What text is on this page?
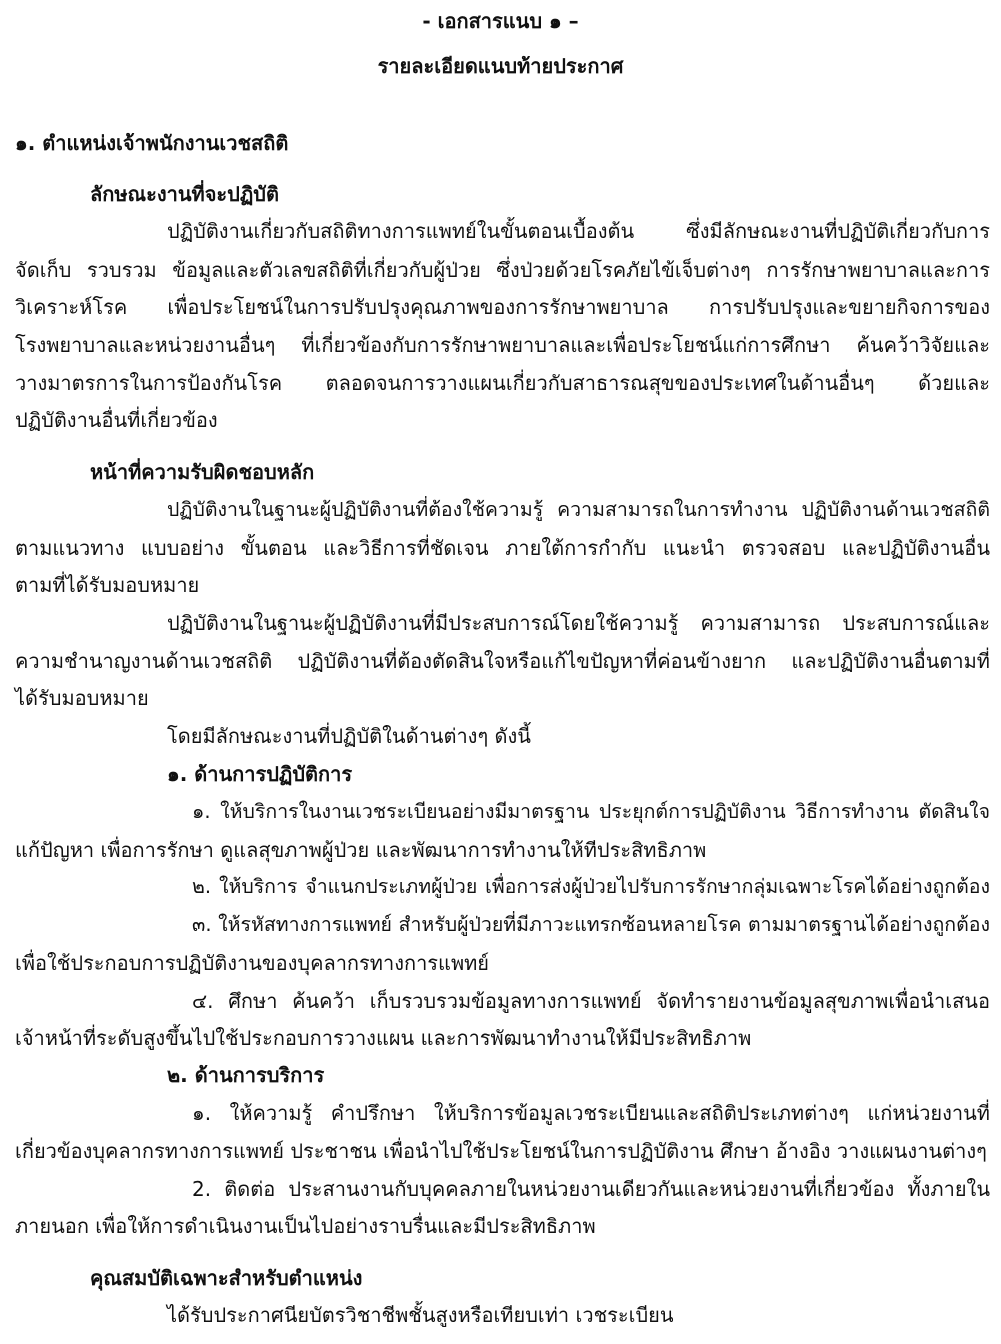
- เอกสารแนบ ๑ –
รายละเอียดแนบท้ายประกาศ
๑. ตำแหน่งเจ้าพนักงานเวชสถิติ
ลักษณะงานที่จะปฏิบัติ
ปฏิบัติงานเกี่ยวกับสถิติทางการแพทย์ในขั้นตอนเบื้องต้น ซึ่งมีลักษณะงานที่ปฏิบัติเกี่ยวกับการ
จัดเก็บ รวบรวม ข้อมูลและตัวเลขสถิติที่เกี่ยวกับผู้ป่วย ซึ่งป่วยด้วยโรคภัยไข้เจ็บต่างๆ การรักษาพยาบาลและการ
วิเคราะห์โรค เพื่อประโยชน์ในการปรับปรุงคุณภาพของการรักษาพยาบาล การปรับปรุงและขยายกิจการของ
โรงพยาบาลและหน่วยงานอื่นๆ ที่เกี่ยวข้องกับการรักษาพยาบาลและเพื่อประโยชน์แก่การศึกษา ค้นคว้าวิจัยและ
วางมาตรการในการป้องกันโรค ตลอดจนการวางแผนเกี่ยวกับสาธารณสุขของประเทศในด้านอื่นๆ ด้วยและ
ปฏิบัติงานอื่นที่เกี่ยวข้อง
หน้าที่ความรับผิดชอบหลัก
ปฏิบัติงานในฐานะผู้ปฏิบัติงานที่ต้องใช้ความรู้ ความสามารถในการทำงาน ปฏิบัติงานด้านเวชสถิติ
ตามแนวทาง แบบอย่าง ขั้นตอน และวิธีการที่ชัดเจน ภายใต้การกำกับ แนะนำ ตรวจสอบ และปฏิบัติงานอื่น
ตามที่ได้รับมอบหมาย
ปฏิบัติงานในฐานะผู้ปฏิบัติงานที่มีประสบการณ์โดยใช้ความรู้ ความสามารถ ประสบการณ์และ
ความชำนาญงานด้านเวชสถิติ ปฏิบัติงานที่ต้องตัดสินใจหรือแก้ไขปัญหาที่ค่อนข้างยาก และปฏิบัติงานอื่นตามที่
ได้รับมอบหมาย
โดยมีลักษณะงานที่ปฏิบัติในด้านต่างๆ ดังนี้
๑. ด้านการปฏิบัติการ
๑. ให้บริการในงานเวชระเบียนอย่างมีมาตรฐาน ประยุกต์การปฏิบัติงาน วิธีการทำงาน ตัดสินใจ
แก้ปัญหา เพื่อการรักษา ดูแลสุขภาพผู้ป่วย และพัฒนาการทำงานให้ทีประสิทธิภาพ
๒. ให้บริการ จำแนกประเภทผู้ป่วย เพื่อการส่งผู้ป่วยไปรับการรักษากลุ่มเฉพาะโรคได้อย่างถูกต้อง
๓. ให้รหัสทางการแพทย์ สำหรับผู้ป่วยที่มีภาวะแทรกซ้อนหลายโรค ตามมาตรฐานได้อย่างถูกต้อง
เพื่อใช้ประกอบการปฏิบัติงานของบุคลากรทางการแพทย์
๔. ศึกษา ค้นคว้า เก็บรวบรวมข้อมูลทางการแพทย์ จัดทำรายงานข้อมูลสุขภาพเพื่อนำเสนอ
เจ้าหน้าที่ระดับสูงขึ้นไปใช้ประกอบการวางแผน และการพัฒนาทำงานให้มีประสิทธิภาพ
๒. ด้านการบริการ
๑. ให้ความรู้ คำปรึกษา ให้บริการข้อมูลเวชระเบียนและสถิติประเภทต่างๆ แก่หน่วยงานที่
เกี่ยวข้องบุคลากรทางการแพทย์ ประชาชน เพื่อนำไปใช้ประโยชน์ในการปฏิบัติงาน ศึกษา อ้างอิง วางแผนงานต่างๆ
2. ติดต่อ ประสานงานกับบุคคลภายในหน่วยงานเดียวกันและหน่วยงานที่เกี่ยวข้อง ทั้งภายใน
ภายนอก เพื่อให้การดำเนินงานเป็นไปอย่างราบรื่นและมีประสิทธิภาพ
คุณสมบัติเฉพาะสำหรับตำแหน่ง
ได้รับประกาศนียบัตรวิชาชีพชั้นสูงหรือเทียบเท่า เวชระเบียน
